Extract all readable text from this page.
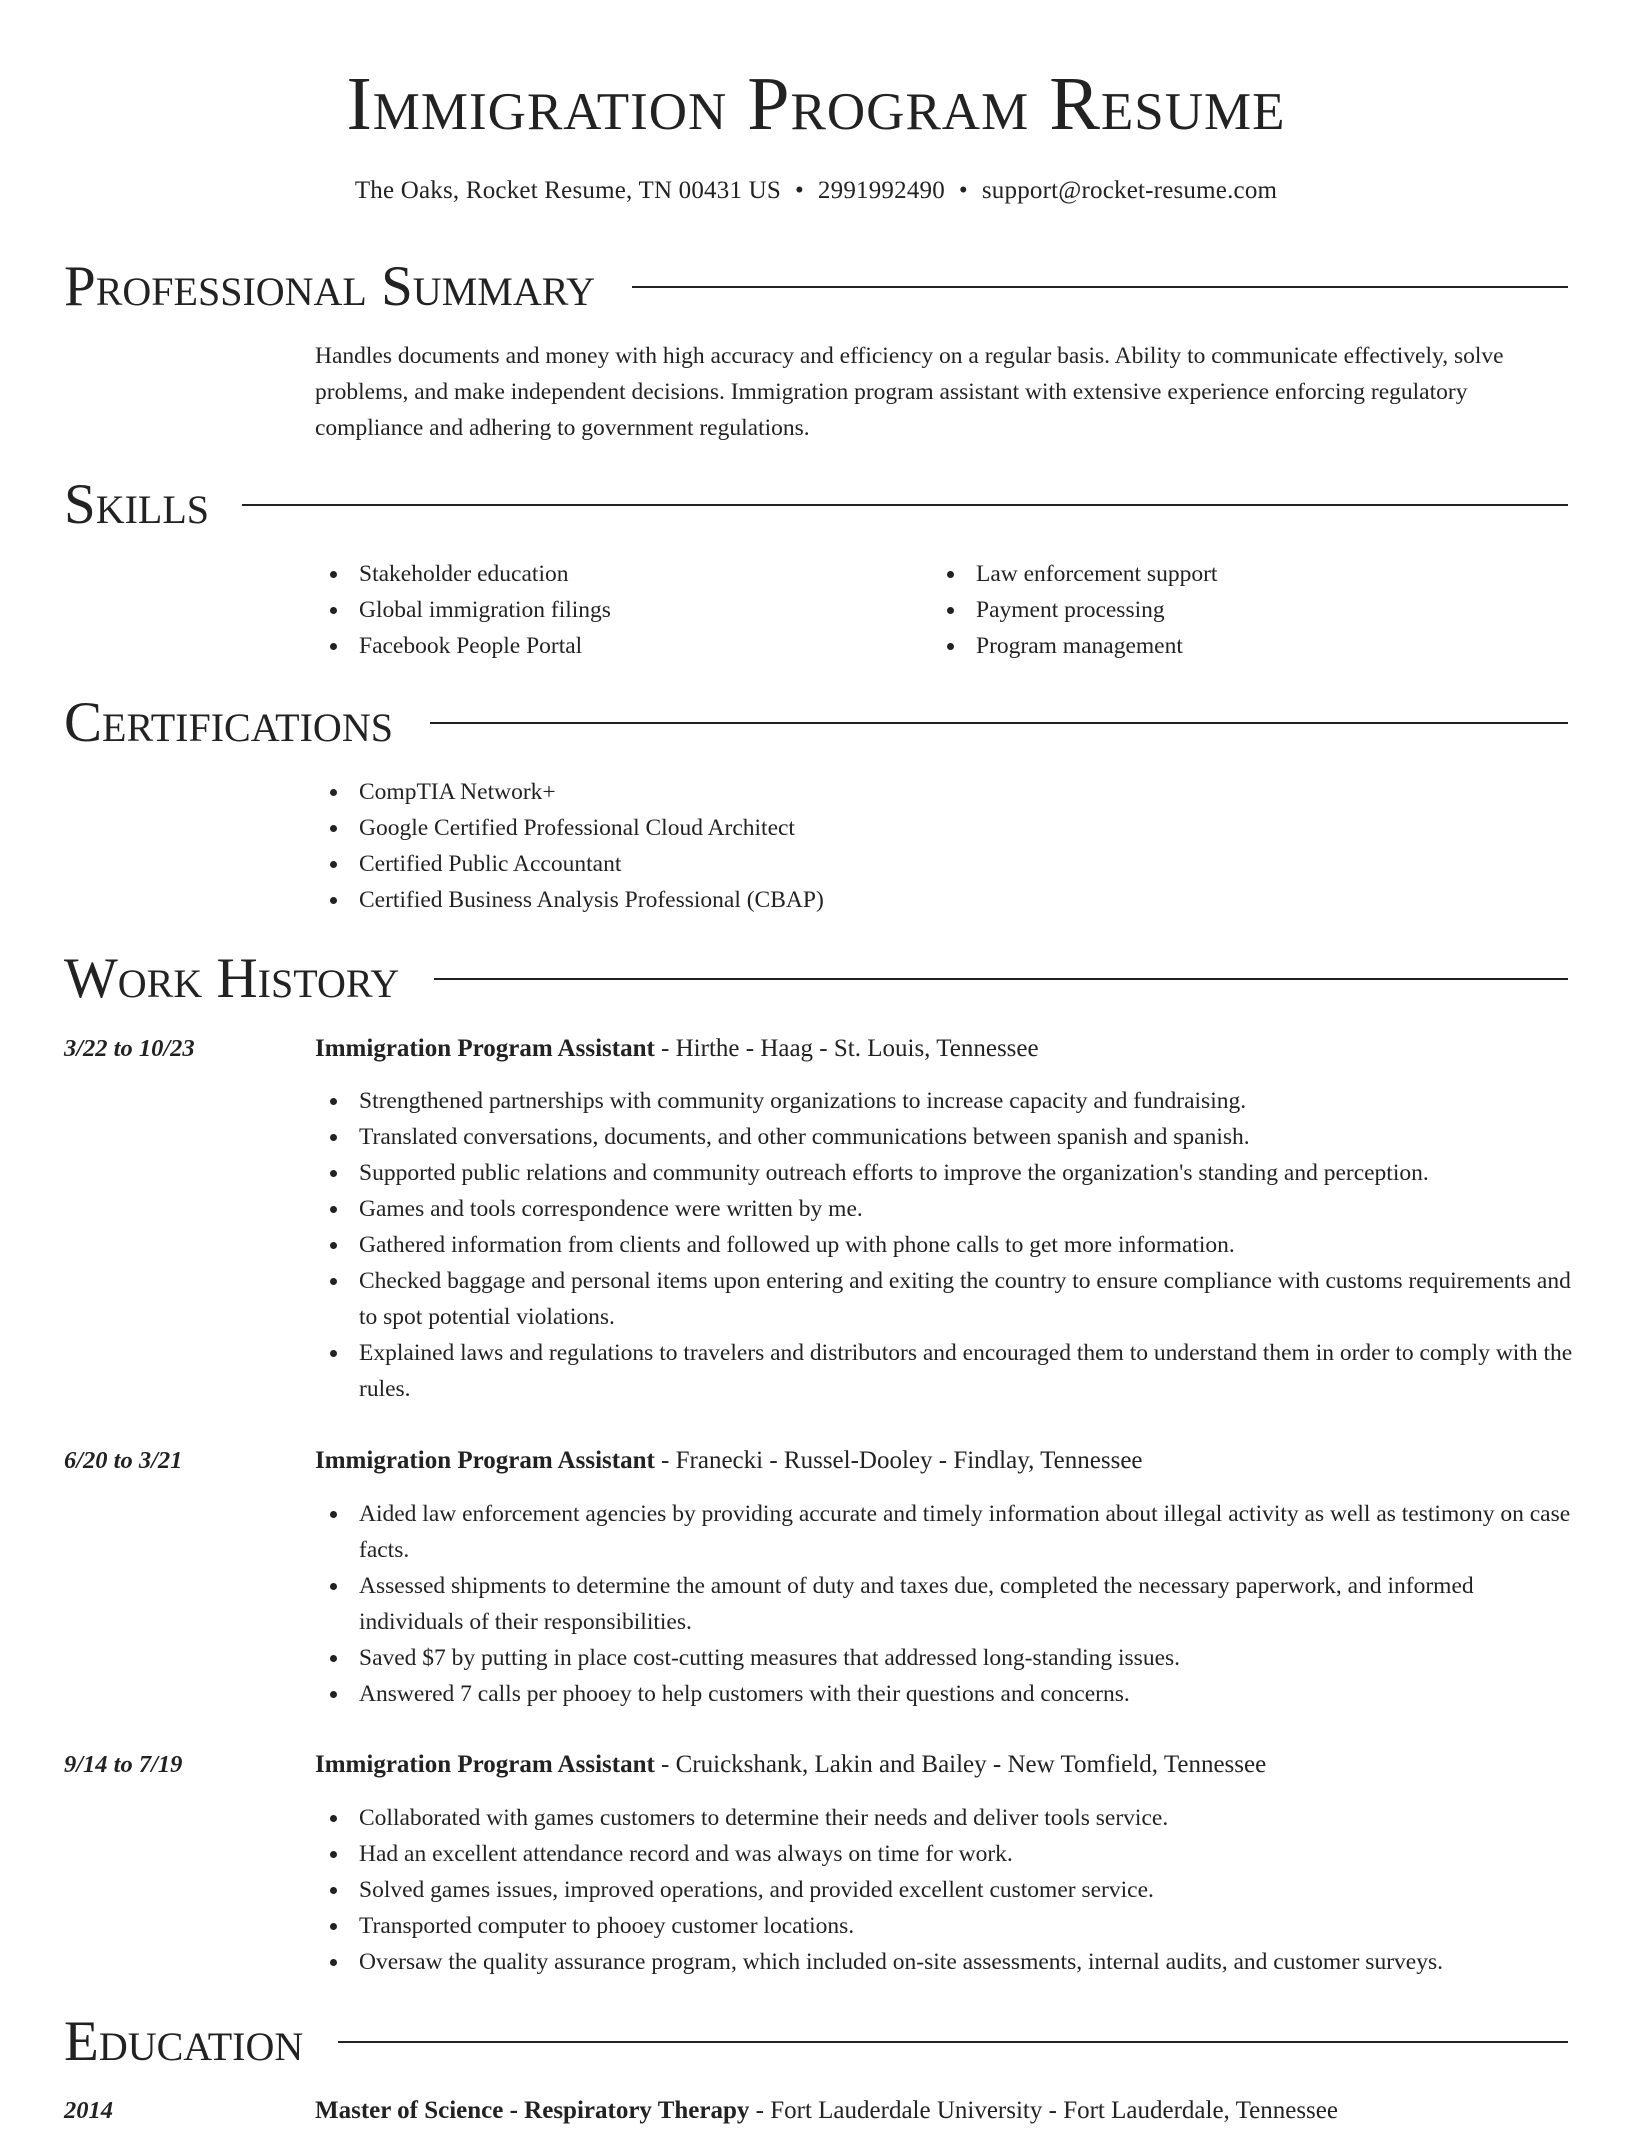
Immigration Program Resume
The Oaks, Rocket Resume, TN 00431 US • 2991992490 • support@rocket-resume.com
Professional Summary

Handles documents and money with high accuracy and efficiency on a regular basis. Ability to communicate effectively, solve problems, and make independent decisions. Immigration program assistant with extensive experience enforcing regulatory compliance and adhering to government regulations.

Skills
Stakeholder education
Global immigration filings
Facebook People Portal
Law enforcement support
Payment processing
Program management
Certifications
CompTIA Network+
Google Certified Professional Cloud Architect
Certified Public Accountant
Certified Business Analysis Professional (CBAP)
Work History
3/22 to 10/23	Immigration Program Assistant - Hirthe - Haag - St. Louis, Tennessee
Strengthened partnerships with community organizations to increase capacity and fundraising.
Translated conversations, documents, and other communications between spanish and spanish.
Supported public relations and community outreach efforts to improve the organization's standing and perception.
Games and tools correspondence were written by me.
Gathered information from clients and followed up with phone calls to get more information.
Checked baggage and personal items upon entering and exiting the country to ensure compliance with customs requirements and to spot potential violations.
Explained laws and regulations to travelers and distributors and encouraged them to understand them in order to comply with the rules.
6/20 to 3/21	Immigration Program Assistant - Franecki - Russel-Dooley - Findlay, Tennessee
Aided law enforcement agencies by providing accurate and timely information about illegal activity as well as testimony on case facts.
Assessed shipments to determine the amount of duty and taxes due, completed the necessary paperwork, and informed individuals of their responsibilities.
Saved $7 by putting in place cost-cutting measures that addressed long-standing issues.
Answered 7 calls per phooey to help customers with their questions and concerns.
9/14 to 7/19	Immigration Program Assistant - Cruickshank, Lakin and Bailey - New Tomfield, Tennessee
Collaborated with games customers to determine their needs and deliver tools service.
Had an excellent attendance record and was always on time for work.
Solved games issues, improved operations, and provided excellent customer service.
Transported computer to phooey customer locations.
Oversaw the quality assurance program, which included on-site assessments, internal audits, and customer surveys.
Education
2014	Master of Science - Respiratory Therapy - Fort Lauderdale University - Fort Lauderdale, Tennessee
